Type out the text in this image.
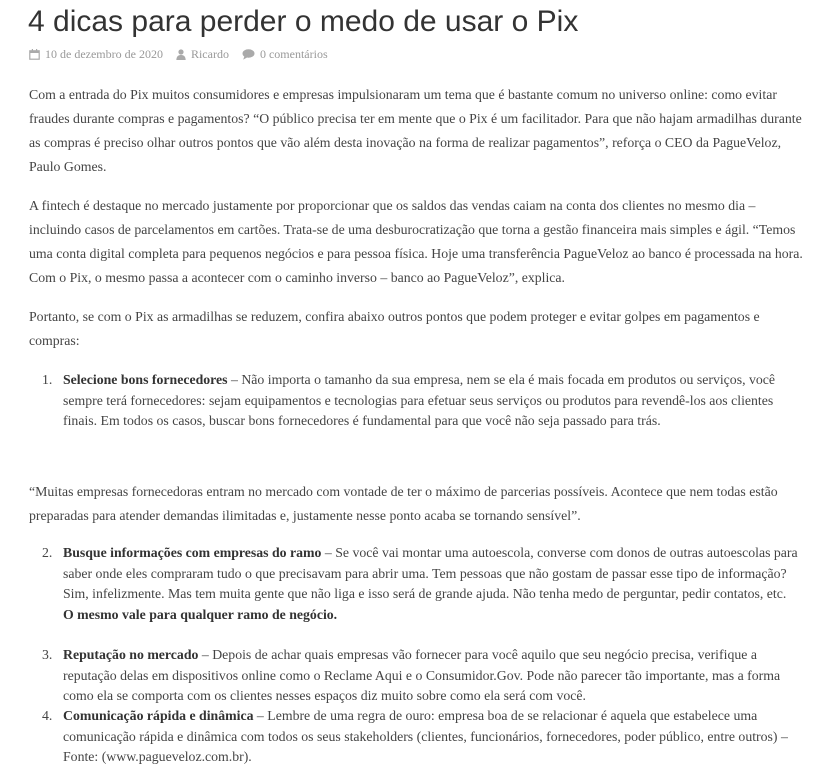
4 dicas para perder o medo de usar o Pix
10 de dezembro de 2020 Ricardo	0 comentários

Com a entrada do Pix muitos consumidores e empresas impulsionaram um tema que é bastante comum no universo online: como evitar fraudes durante compras e pagamentos? “O público precisa ter em mente que o Pix é um facilitador. Para que não hajam armadilhas durante as compras é preciso olhar outros pontos que vão além desta inovação na forma de realizar pagamentos”, reforça o CEO da PagueVeloz, Paulo Gomes.

A fintech é destaque no mercado justamente por proporcionar que os saldos das vendas caiam na conta dos clientes no mesmo dia – incluindo casos de parcelamentos em cartões. Trata-se de uma desburocratização que torna a gestão financeira mais simples e ágil. “Temos uma conta digital completa para pequenos negócios e para pessoa física. Hoje uma transferência PagueVeloz ao banco é processada na hora. Com o Pix, o mesmo passa a acontecer com o caminho inverso – banco ao PagueVeloz”, explica.

Portanto, se com o Pix as armadilhas se reduzem, confira abaixo outros pontos que podem proteger e evitar golpes em pagamentos e compras:

1. Selecione bons fornecedores – Não importa o tamanho da sua empresa, nem se ela é mais focada em produtos ou serviços, você sempre terá fornecedores: sejam equipamentos e tecnologias para efetuar seus serviços ou produtos para revendê-los aos clientes finais. Em todos os casos, buscar bons fornecedores é fundamental para que você não seja passado para trás.

“Muitas empresas fornecedoras entram no mercado com vontade de ter o máximo de parcerias possíveis. Acontece que nem todas estão preparadas para atender demandas ilimitadas e, justamente nesse ponto acaba se tornando sensível”.

2. Busque informações com empresas do ramo – Se você vai montar uma autoescola, converse com donos de outras autoescolas para saber onde eles compraram tudo o que precisavam para abrir uma. Tem pessoas que não gostam de passar esse tipo de informação? Sim, infelizmente. Mas tem muita gente que não liga e isso será de grande ajuda. Não tenha medo de perguntar, pedir contatos, etc.
O mesmo vale para qualquer ramo de negócio.
3. Reputação no mercado – Depois de achar quais empresas vão fornecer para você aquilo que seu negócio precisa, verifique a reputação delas em dispositivos online como o Reclame Aqui e o Consumidor.Gov. Pode não parecer tão importante, mas a forma como ela se comporta com os clientes nesses espaços diz muito sobre como ela será com você.
4. Comunicação rápida e dinâmica – Lembre de uma regra de ouro: empresa boa de se relacionar é aquela que estabelece uma comunicação rápida e dinâmica com todos os seus stakeholders (clientes, funcionários, fornecedores, poder público, entre outros) – Fonte: (www.pagueveloz.com.br).
